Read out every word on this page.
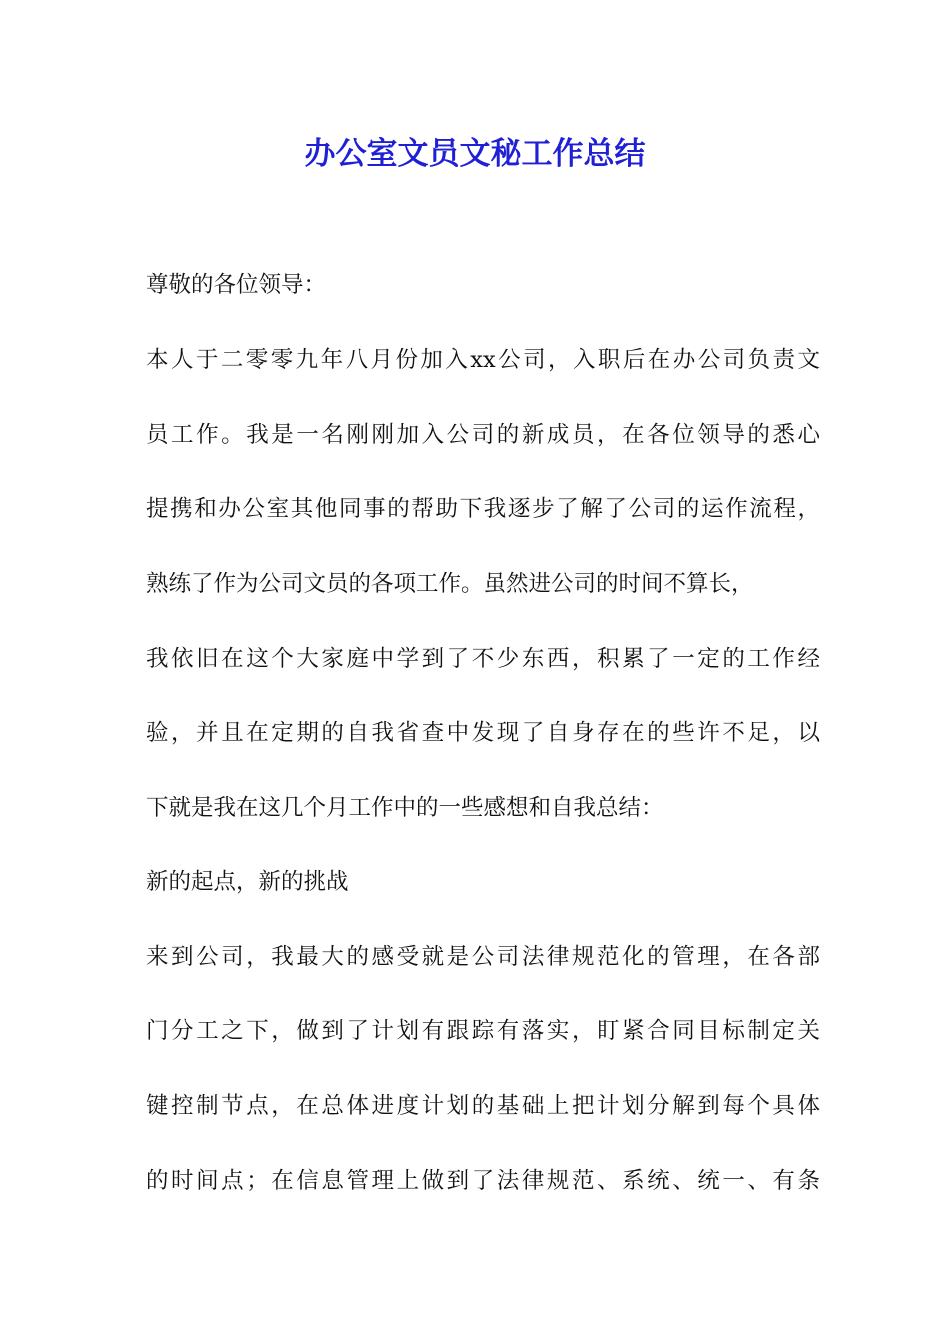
办公室文员文秘工作总结
尊敬的各位领导：
本人于二零零九年八月份加入xx公司，入职后在办公司负责文
员工作。我是一名刚刚加入公司的新成员，在各位领导的悉心
提携和办公室其他同事的帮助下我逐步了解了公司的运作流程，
熟练了作为公司文员的各项工作。虽然进公司的时间不算长，
我依旧在这个大家庭中学到了不少东西，积累了一定的工作经
验，并且在定期的自我省查中发现了自身存在的些许不足，以
下就是我在这几个月工作中的一些感想和自我总结：
新的起点，新的挑战
来到公司，我最大的感受就是公司法律规范化的管理，在各部
门分工之下，做到了计划有跟踪有落实，盯紧合同目标制定关
键控制节点，在总体进度计划的基础上把计划分解到每个具体
的时间点；在信息管理上做到了法律规范、系统、统一、有条
